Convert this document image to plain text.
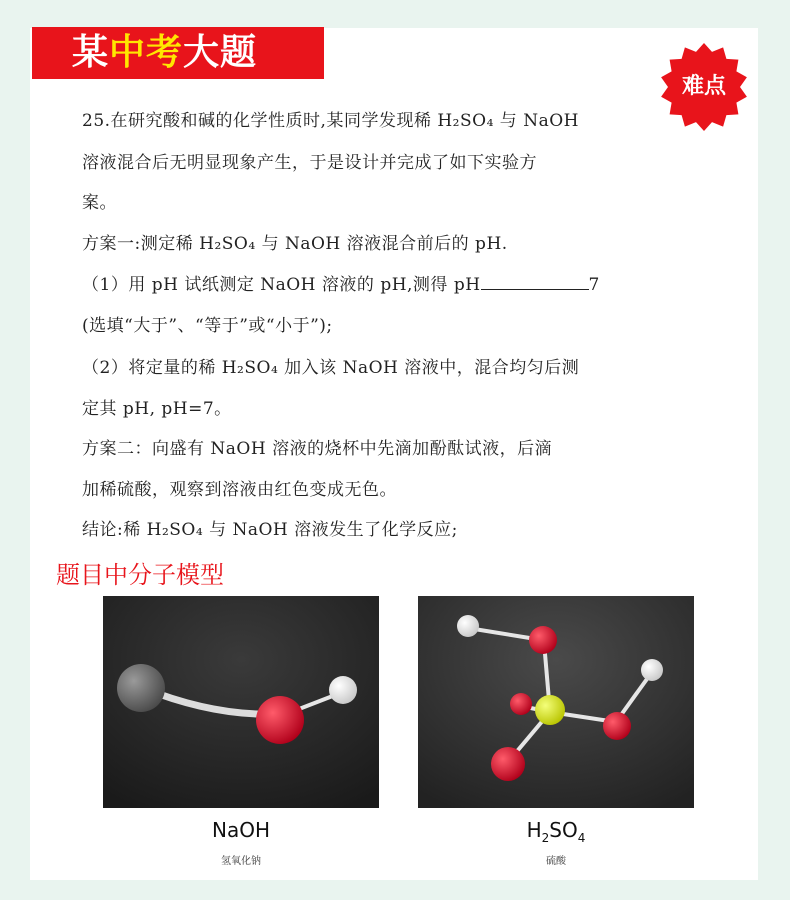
某中考大题
难点
25.在研究酸和碱的化学性质时,某同学发现稀 H₂SO₄ 与 NaOH
溶液混合后无明显现象产生，于是设计并完成了如下实验方
案。
方案一:测定稀 H₂SO₄ 与 NaOH 溶液混合前后的 pH.
（1）用 pH 试纸测定 NaOH 溶液的 pH,测得 pH	7
(选填“大于”、“等于”或“小于”);
（2）将定量的稀 H₂SO₄ 加入该 NaOH 溶液中，混合均匀后测
定其 pH, pH=7。
方案二：向盛有 NaOH 溶液的烧杯中先滴加酚酞试液，后滴
加稀硫酸，观察到溶液由红色变成无色。
结论:稀 H₂SO₄ 与 NaOH 溶液发生了化学反应;
题目中分子模型
NaOH
氢氧化钠
$H_2SO_4$
硫酸
